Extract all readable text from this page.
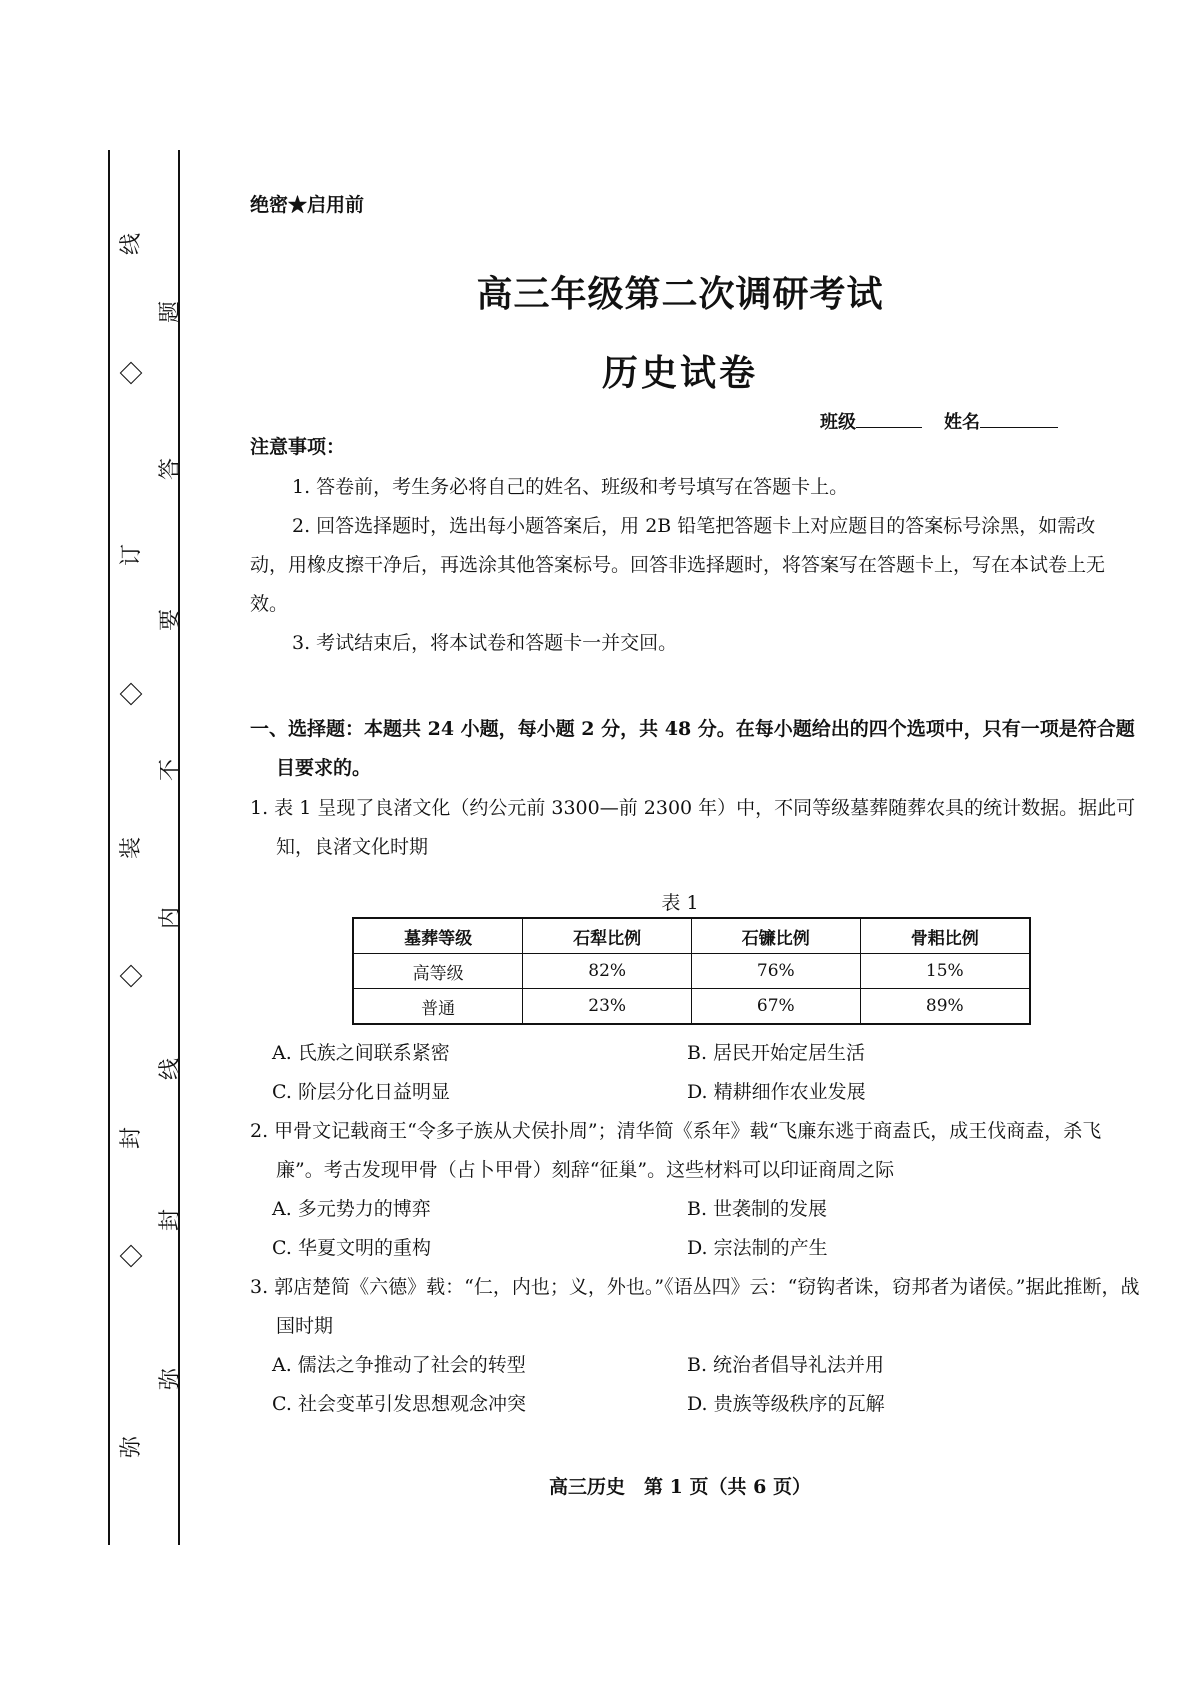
线
订
装
封
弥
题
答
要
不
内
线
封
弥
绝密★启用前
高三年级第二次调研考试
历史试卷
班级	姓名
注意事项：
1. 答卷前，考生务必将自己的姓名、班级和考号填写在答题卡上。
2. 回答选择题时，选出每小题答案后，用 2B 铅笔把答题卡上对应题目的答案标号涂黑，如需改动，用橡皮擦干净后，再选涂其他答案标号。回答非选择题时，将答案写在答题卡上，写在本试卷上无效。
3. 考试结束后，将本试卷和答题卡一并交回。
一、选择题：本题共 24 小题，每小题 2 分，共 48 分。在每小题给出的四个选项中，只有一项是符合题目要求的。
1. 表 1 呈现了良渚文化（约公元前 3300—前 2300 年）中，不同等级墓葬随葬农具的统计数据。据此可知，良渚文化时期
表 1
墓葬等级	石犁比例	石镰比例	骨耜比例
高等级	82%	76%	15%
普通	23%	67%	89%
A. 氏族之间联系紧密	B. 居民开始定居生活
C. 阶层分化日益明显	D. 精耕细作农业发展
2. 甲骨文记载商王“令多子族从犬侯扑周”；清华简《系年》载“飞廉东逃于商盍氏，成王伐商盍，杀飞廉”。考古发现甲骨（占卜甲骨）刻辞“征巢”。这些材料可以印证商周之际
A. 多元势力的博弈	B. 世袭制的发展
C. 华夏文明的重构	D. 宗法制的产生
3. 郭店楚简《六德》载：“仁，内也；义，外也。”《语丛四》云：“窃钩者诛，窃邦者为诸侯。”据此推断，战国时期
A. 儒法之争推动了社会的转型	B. 统治者倡导礼法并用
C. 社会变革引发思想观念冲突	D. 贵族等级秩序的瓦解
高三历史　第 1 页（共 6 页）
